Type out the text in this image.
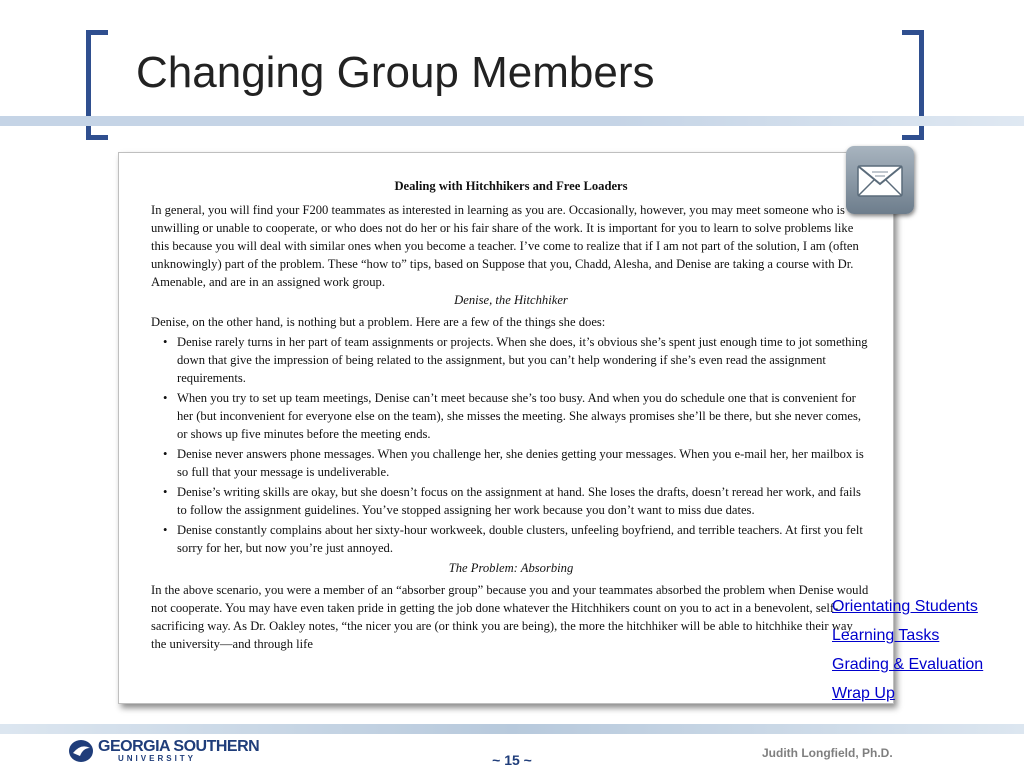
Changing Group Members
Dealing with Hitchhikers and Free Loaders

In general, you will find your F200 teammates as interested in learning as you are. Occasionally, however, you may meet someone who is unwilling or unable to cooperate, or who does not do her or his fair share of the work. It is important for you to learn to solve problems like this because you will deal with similar ones when you become a teacher. I’ve come to realize that if I am not part of the solution, I am (often unknowingly) part of the problem. These “how to” tips, based on Suppose that you, Chadd, Alesha, and Denise are taking a course with Dr. Amenable, and are in an assigned work group.

Denise, the Hitchhiker

Denise, on the other hand, is nothing but a problem. Here are a few of the things she does:

• Denise rarely turns in her part of team assignments or projects. When she does, it’s obvious she’s spent just enough time to jot something down that give the impression of being related to the assignment, but you can’t help wondering if she’s even read the assignment requirements.
• When you try to set up team meetings, Denise can’t meet because she’s too busy. And when you do schedule one that is convenient for her (but inconvenient for everyone else on the team), she misses the meeting. She always promises she’ll be there, but she never comes, or shows up five minutes before the meeting ends.
• Denise never answers phone messages. When you challenge her, she denies getting your messages. When you e-mail her, her mailbox is so full that your message is undeliverable.
• Denise’s writing skills are okay, but she doesn’t focus on the assignment at hand. She loses the drafts, doesn’t reread her work, and fails to follow the assignment guidelines. You’ve stopped assigning her work because you don’t want to miss due dates.
• Denise constantly complains about her sixty-hour workweek, double clusters, unfeeling boyfriend, and terrible teachers. At first you felt sorry for her, but now you’re just annoyed.

The Problem: Absorbing

In the above scenario, you were a member of an “absorber group” because you and your teammates absorbed the problem when Denise would not cooperate. You may have even taken pride in getting the job done whatever the Hitchhikers count on you to act in a benevolent, self-sacrificing way. As Dr. Oakley notes, “the nicer you are (or think you are being), the more the hitchhiker will be able to hitchhike their way the university—and through life

Orientating Students
Learning Tasks
Grading & Evaluation
Wrap Up
GEORGIA SOUTHERN
UNIVERSITY	~ 15 ~	Judith Longfield, Ph.D.
